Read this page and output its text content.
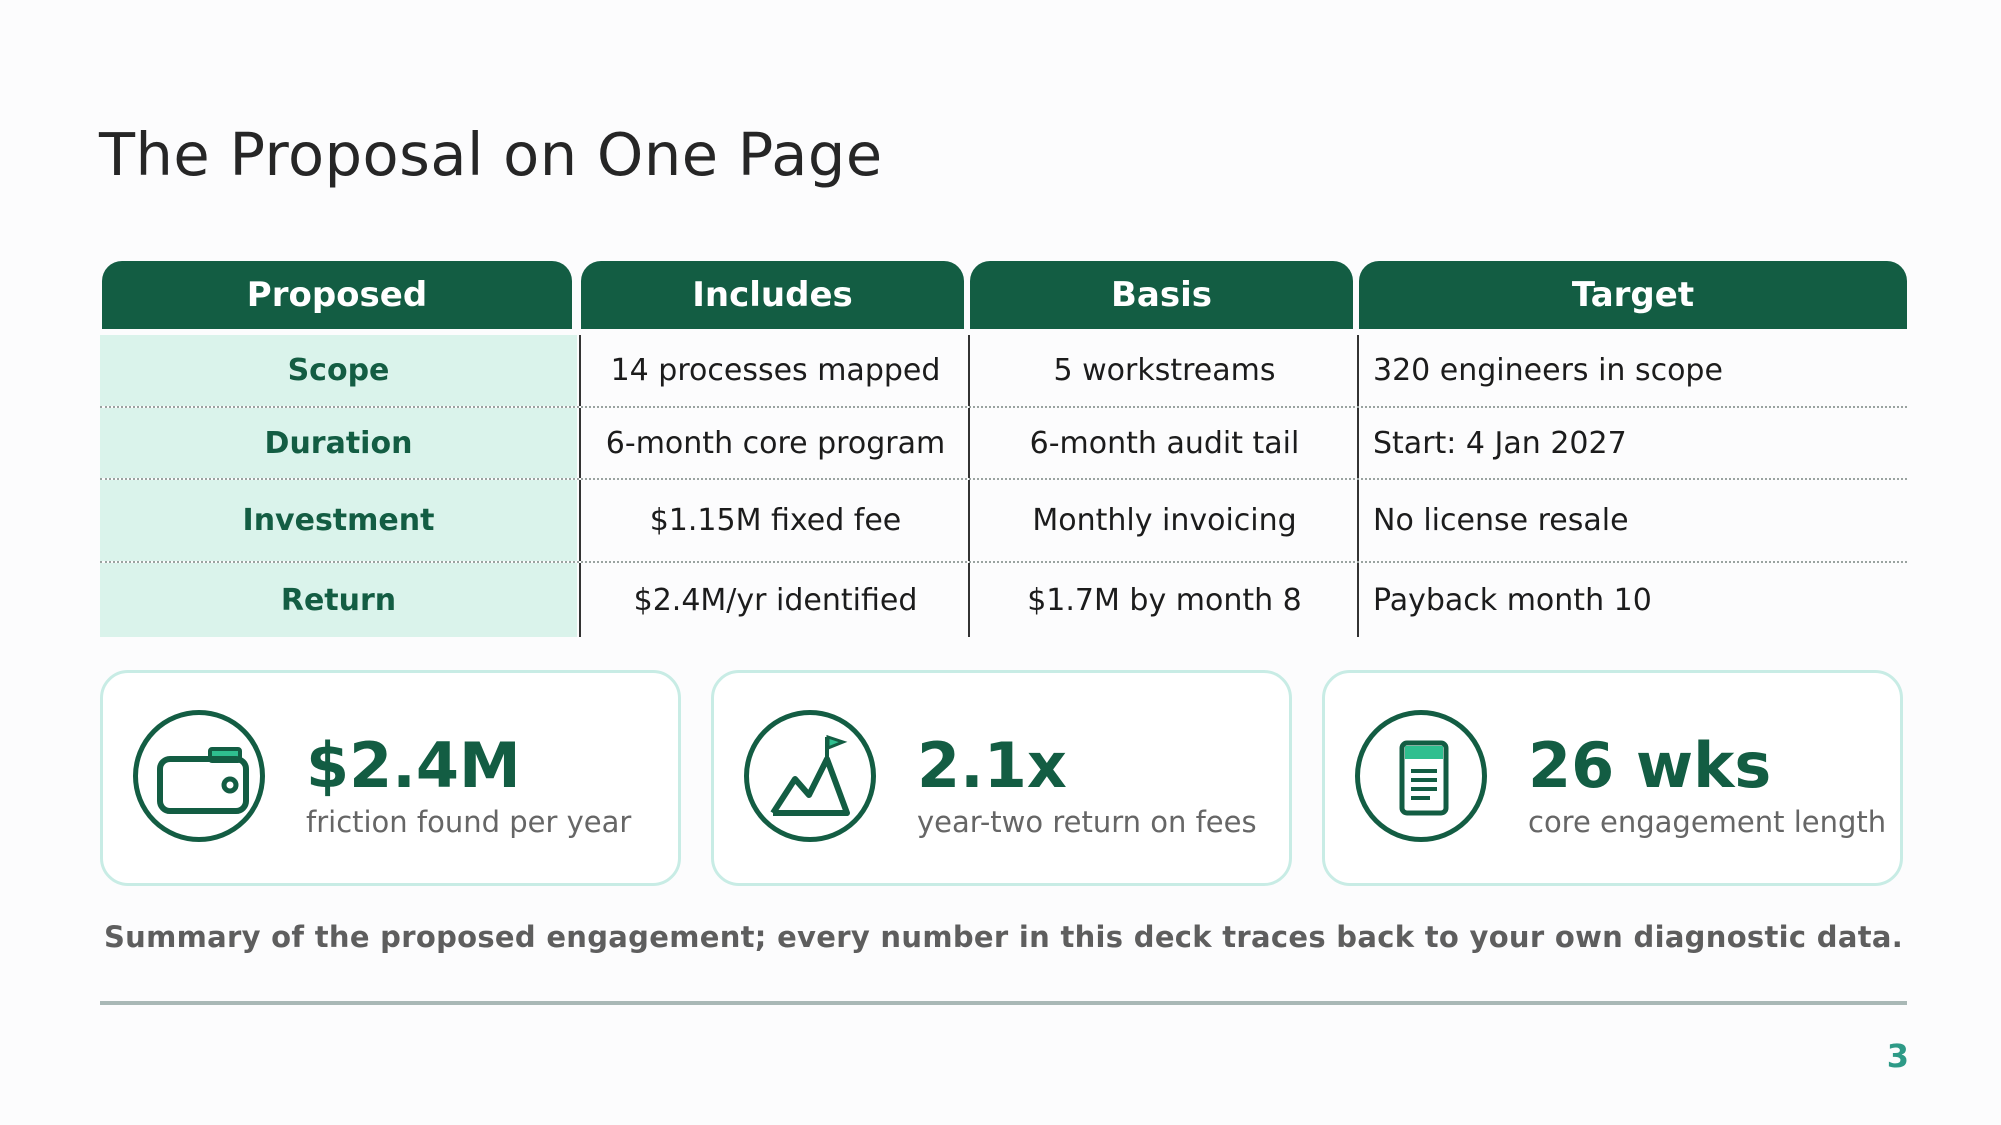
The Proposal on One Page
Proposed	Includes	Basis	Target
Scope	14 processes mapped	5 workstreams	320 engineers in scope
Duration	6-month core program	6-month audit tail	Start: 4 Jan 2027
Investment	$1.15M fixed fee	Monthly invoicing	No license resale
Return	$2.4M/yr identified	$1.7M by month 8	Payback month 10
$2.4M
friction found per year
2.1x
year-two return on fees
26 wks
core engagement length
Summary of the proposed engagement; every number in this deck traces back to your own diagnostic data.
3
